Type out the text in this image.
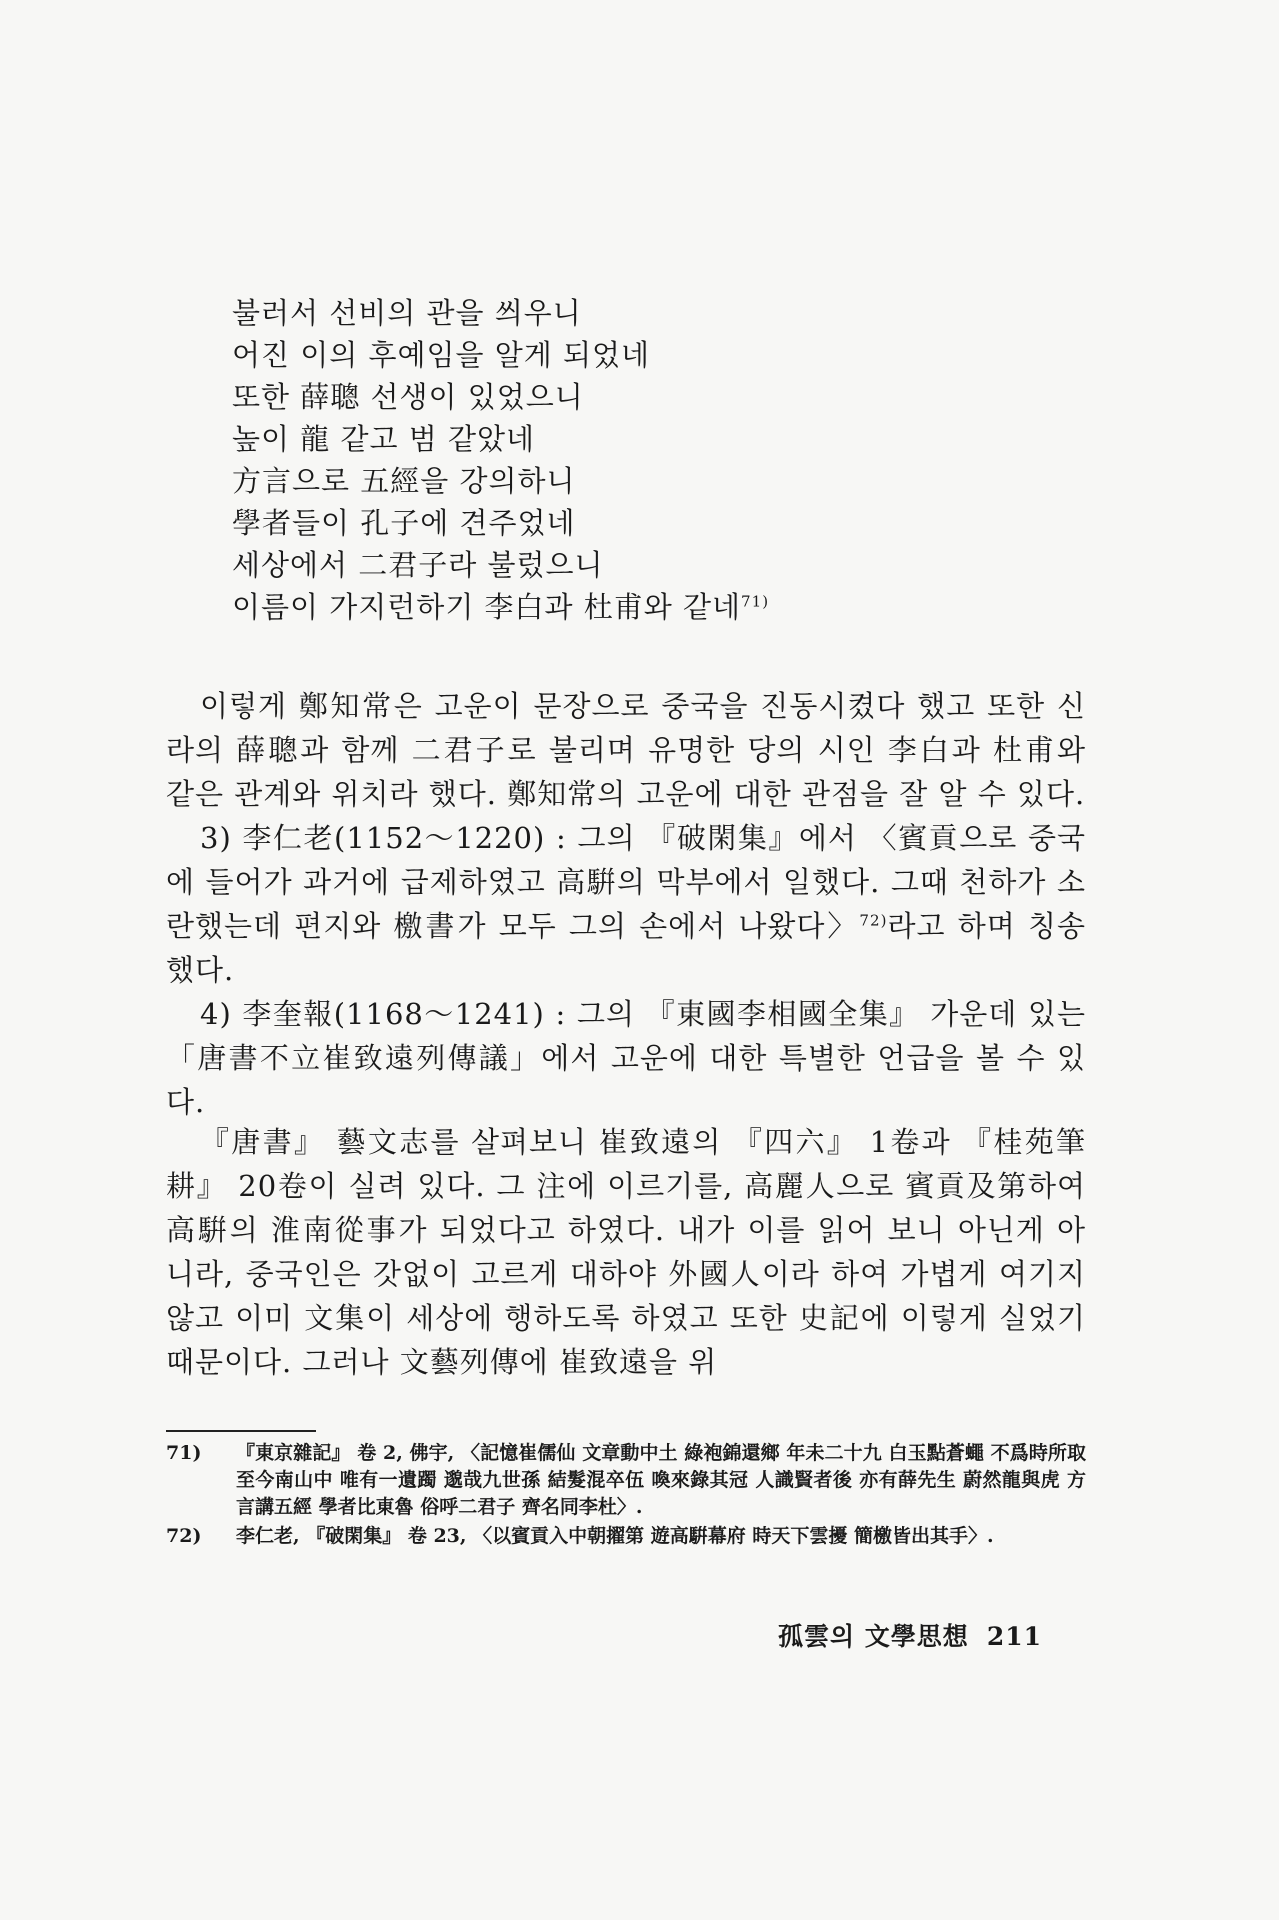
불러서 선비의 관을 씌우니
어진 이의 후예임을 알게 되었네
또한 薛聰 선생이 있었으니
높이 龍 같고 범 같았네
方言으로 五經을 강의하니
學者들이 孔子에 견주었네
세상에서 二君子라 불렀으니
이름이 가지런하기 李白과 杜甫와 같네$^{71)}$

이렇게 鄭知常은 고운이 문장으로 중국을 진동시켰다 했고 또한 신라의 薛聰과 함께 二君子로 불리며 유명한 당의 시인 李白과 杜甫와 같은 관계와 위치라 했다. 鄭知常의 고운에 대한 관점을 잘 알 수 있다.

3) 李仁老(1152～1220) : 그의 『破閑集』에서 〈賓貢으로 중국에 들어가 과거에 급제하였고 高騈의 막부에서 일했다. 그때 천하가 소란했는데 편지와 檄書가 모두 그의 손에서 나왔다〉$^{72)}$라고 하며 칭송했다.

4) 李奎報(1168～1241) : 그의 『東國李相國全集』 가운데 있는 「唐書不立崔致遠列傳議」에서 고운에 대한 특별한 언급을 볼 수 있다.

『唐書』 藝文志를 살펴보니 崔致遠의 『四六』 1卷과 『桂苑筆耕』 20卷이 실려 있다. 그 注에 이르기를, 高麗人으로 賓貢及第하여 高騈의 淮南從事가 되었다고 하였다. 내가 이를 읽어 보니 아닌게 아니라, 중국인은 갓없이 고르게 대하야 外國人이라 하여 가볍게 여기지 않고 이미 文集이 세상에 행하도록 하였고 또한 史記에 이렇게 실었기 때문이다. 그러나 文藝列傳에 崔致遠을 위

71)	『東京雜記』 卷 2, 佛宇, 〈記憶崔儒仙 文章動中土 綠袍錦還鄉 年未二十九 白玉點蒼蠅 不爲時所取 至今南山中 唯有一遺躅 邈哉九世孫 結髮混卒伍 喚來錄其冠 人識賢者後 亦有薛先生 蔚然龍與虎 方言講五經 學者比東魯 俗呼二君子 齊名同李杜〉.
72)	李仁老, 『破閑集』 卷 23, 〈以賓貢入中朝擢第 遊高騈幕府 時天下雲擾 簡檄皆出其手〉.
孤雲의 文學思想 211
